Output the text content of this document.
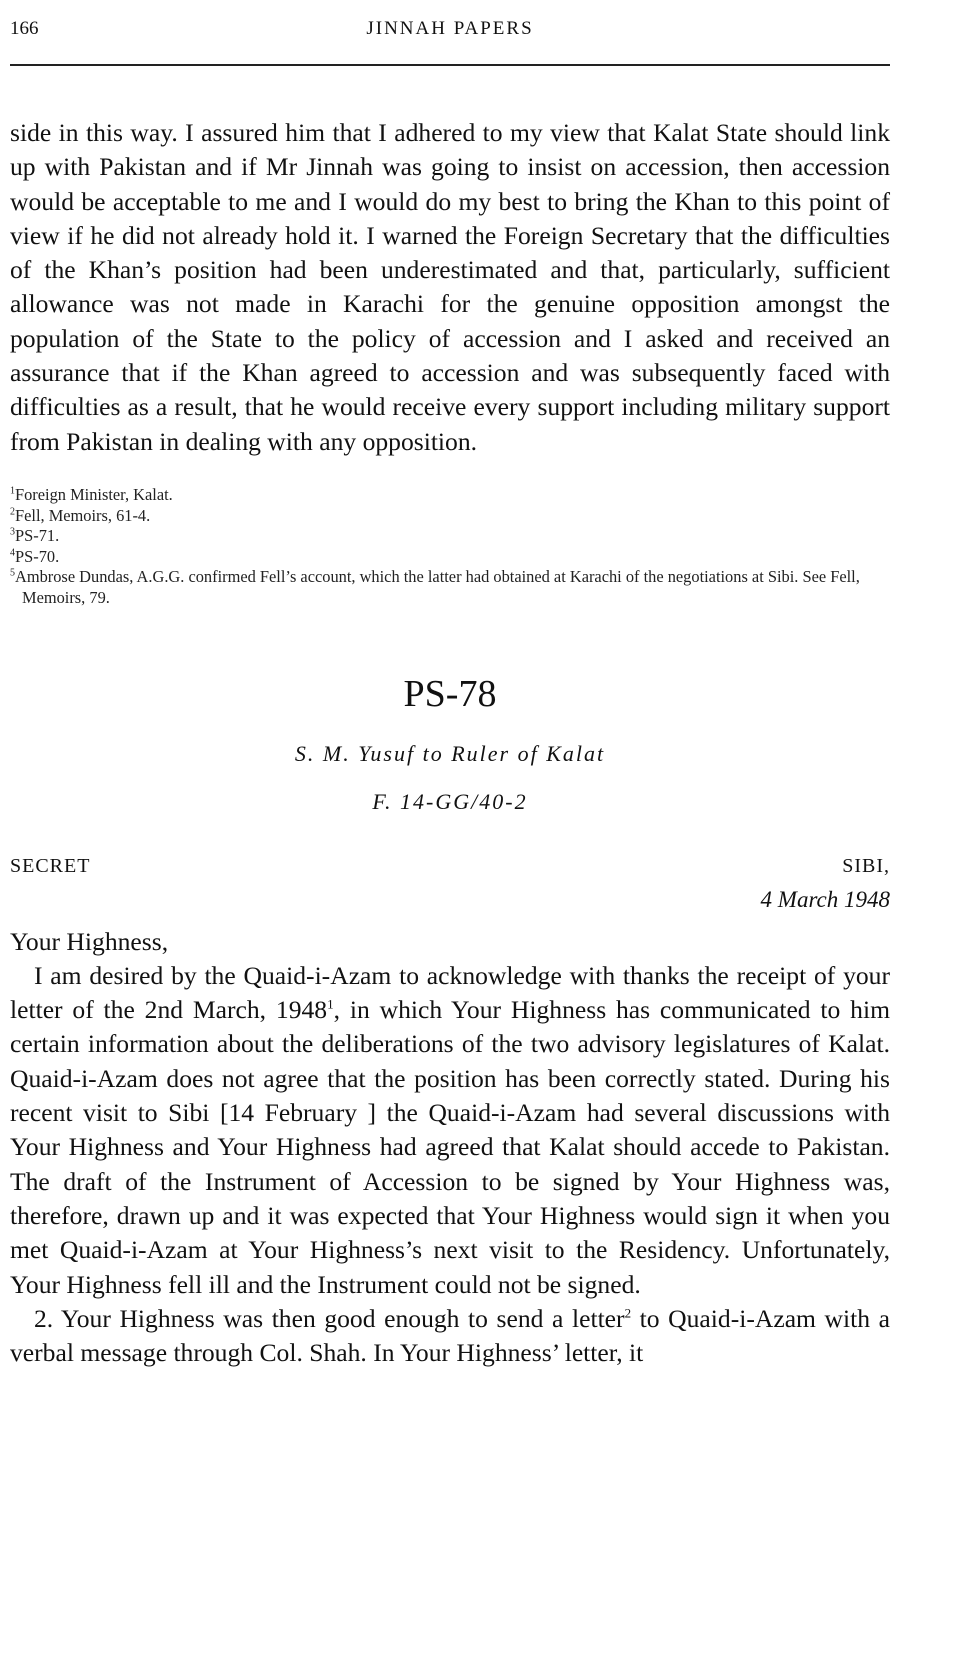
166	JINNAH PAPERS

side in this way. I assured him that I adhered to my view that Kalat State should link up with Pakistan and if Mr Jinnah was going to insist on accession, then accession would be acceptable to me and I would do my best to bring the Khan to this point of view if he did not already hold it. I warned the Foreign Secretary that the difficulties of the Khan’s position had been underestimated and that, particularly, sufficient allowance was not made in Karachi for the genuine opposition amongst the population of the State to the policy of accession and I asked and received an assurance that if the Khan agreed to accession and was subsequently faced with difficulties as a result, that he would receive every support including military support from Pakistan in dealing with any opposition.

$^1$Foreign Minister, Kalat.

$^2$Fell, Memoirs, 61-4.

$^3$PS-71.

$^4$PS-70.

$^5$Ambrose Dundas, A.G.G. confirmed Fell’s account, which the latter had obtained at Karachi of the negotiations at Sibi. See Fell, Memoirs, 79.

PS-78
S. M. Yusuf to Ruler of Kalat
F. 14-GG/40-2
SECRET	SIBI,
4 March 1948
Your Highness,

I am desired by the Quaid-i-Azam to acknowledge with thanks the receipt of your letter of the 2nd March, 1948$^1$, in which Your Highness has communicated to him certain information about the deliberations of the two advisory legislatures of Kalat. Quaid-i-Azam does not agree that the position has been correctly stated. During his recent visit to Sibi [14 February ] the Quaid-i-Azam had several discussions with Your Highness and Your Highness had agreed that Kalat should accede to Pakistan. The draft of the Instrument of Accession to be signed by Your Highness was, therefore, drawn up and it was expected that Your Highness would sign it when you met Quaid-i-Azam at Your Highness’s next visit to the Residency. Unfortunately, Your Highness fell ill and the Instrument could not be signed.

2. Your Highness was then good enough to send a letter$^2$ to Quaid-i-Azam with a verbal message through Col. Shah. In Your Highness’ letter, it
